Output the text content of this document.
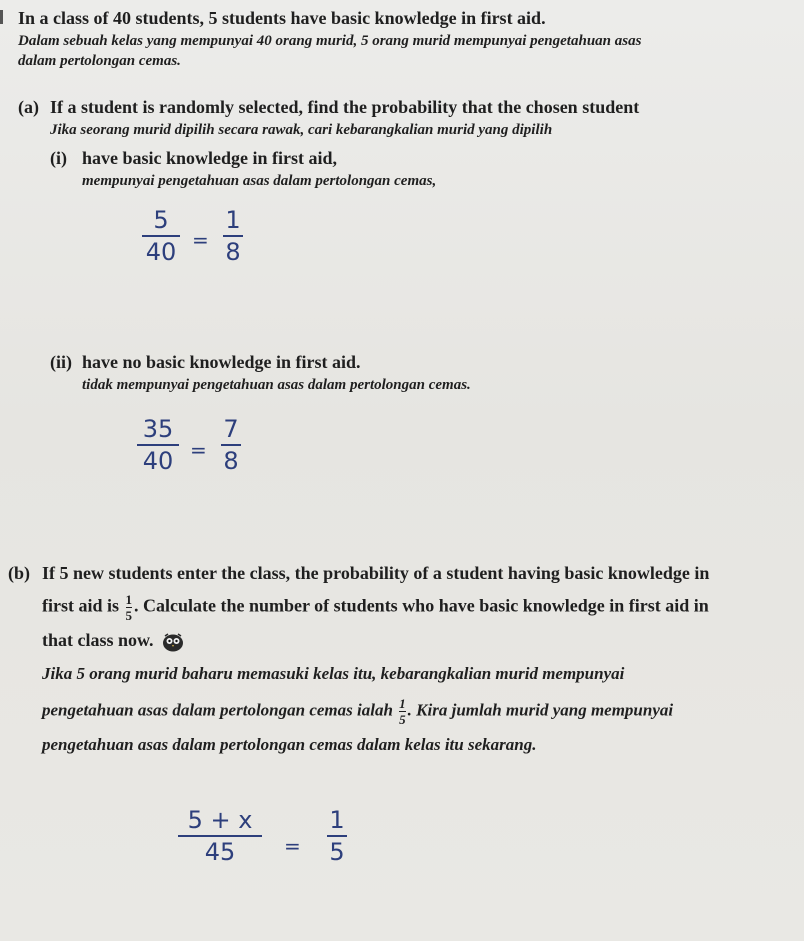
In a class of 40 students, 5 students have basic knowledge in first aid.
Dalam sebuah kelas yang mempunyai 40 orang murid, 5 orang murid mempunyai pengetahuan asas
dalam pertolongan cemas.
(a) If a student is randomly selected, find the probability that the chosen student
Jika seorang murid dipilih secara rawak, cari kebarangkalian murid yang dipilih
(i) have basic knowledge in first aid,
mempunyai pengetahuan asas dalam pertolongan cemas,
5
40 =
1
8
(ii) have no basic knowledge in first aid.
tidak mempunyai pengetahuan asas dalam pertolongan cemas.
35
40 =
7
8
(b) If 5 new students enter the class, the probability of a student having basic knowledge in
first aid is $\frac{1}{5}$ . Calculate the number of students who have basic knowledge in first aid in
that class now.
Jika 5 orang murid baharu memasuki kelas itu, kebarangkalian murid mempunyai
pengetahuan asas dalam pertolongan cemas ialah $\frac{1}{5}$ . Kira jumlah murid yang mempunyai
pengetahuan asas dalam pertolongan cemas dalam kelas itu sekarang.
5 + x
45	=
1
5
